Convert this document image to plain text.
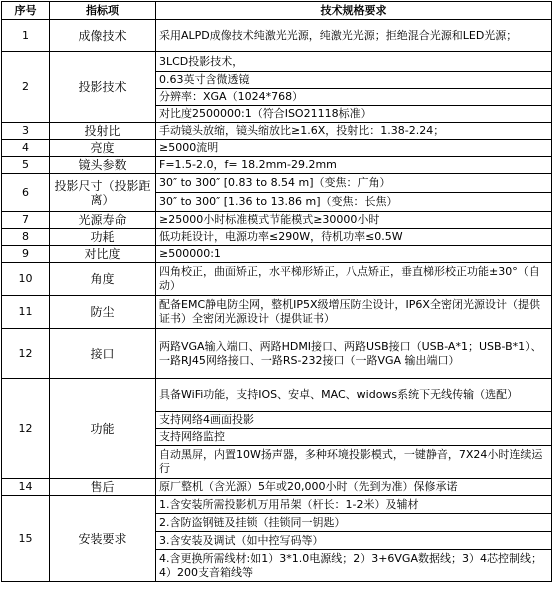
序号	指标项	技术规格要求
1	成像技术	采用ALPD成像技术纯激光光源，纯激光光源；拒绝混合光源和LED光源；
2	投影技术	3LCD投影技术，
		0.63英寸含微透镜
		分辨率：XGA（1024*768）
		对比度2500000:1（符合ISO21118标准）
3	投射比	手动镜头放缩，镜头缩放比≥1.6X，投射比：1.38-2.24；
4	亮度	≥5000流明
5	镜头参数	F=1.5-2.0，f= 18.2mm-29.2mm
6	投影尺寸（投影距离）	30″ to 300″ [0.83 to 8.54 m]（变焦：广角）
		30″ to 300″ [1.36 to 13.86 m]（变焦：长焦）
7	光源寿命	≥25000小时标准模式节能模式≥30000小时
8	功耗	低功耗设计，电源功率≤290W，待机功率≤0.5W
9	对比度	≥500000:1
10	角度	四角校正，曲面矫正，水平梯形矫正，八点矫正，垂直梯形校正功能±30°（自动）
11	防尘	配备EMC静电防尘网，整机IP5X级增压防尘设计，IP6X全密闭光源设计（提供证书）全密闭光源设计（提供证书）
12	接口	两路VGA输入端口、两路HDMI接口、两路USB接口（USB-A*1；USB-B*1）、一路RJ45网络接口、一路RS-232接口（一路VGA 输出端口）
12	功能	具备WiFi功能，支持IOS、安卓、MAC、widows系统下无线传输（选配）
		支持网络4画面投影
		支持网络监控
		自动黑屏，内置10W扬声器，多种环境投影模式，一键静音，7X24小时连续运行
14	售后	原厂整机（含光源）5年或20,000小时（先到为准）保修承诺
15	安装要求	1.含安装所需投影机万用吊架（杆长：1-2米）及辅材
		2.含防盗钢链及挂锁（挂锁同一钥匙）
		3.含安装及调试（如中控写码等）
		4.含更换所需线材:如1）3*1.0电源线；2）3+6VGA数据线；3）4芯控制线；4）200支音箱线等
